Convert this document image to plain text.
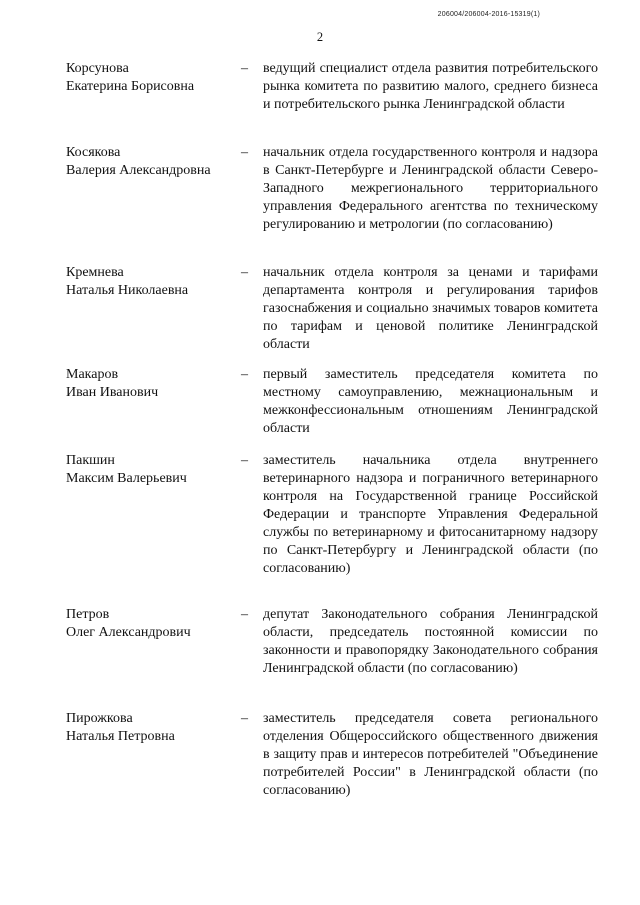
206004/206004-2016-15319(1)
2
Корсунова
Екатерина Борисовна
– ведущий специалист отдела развития потребительского рынка комитета по развитию малого, среднего бизнеса и потребительского рынка Ленинградской области
Косякова
Валерия Александровна
– начальник отдела государственного контроля и надзора в Санкт-Петербурге и Ленинградской области Северо-Западного межрегионального территориального управления Федерального агентства по техническому регулированию и метрологии (по согласованию)
Кремнева
Наталья Николаевна
– начальник отдела контроля за ценами и тарифами департамента контроля и регулирования тарифов газоснабжения и социально значимых товаров комитета по тарифам и ценовой политике Ленинградской области
Макаров
Иван Иванович
– первый заместитель председателя комитета по местному самоуправлению, межнациональным и межконфессиональным отношениям Ленинградской области
Пакшин
Максим Валерьевич
– заместитель начальника отдела внутреннего ветеринарного надзора и пограничного ветеринарного контроля на Государственной границе Российской Федерации и транспорте Управления Федеральной службы по ветеринарному и фитосанитарному надзору по Санкт-Петербургу и Ленинградской области (по согласованию)
Петров
Олег Александрович
– депутат Законодательного собрания Ленинградской области, председатель постоянной комиссии по законности и правопорядку Законодательного собрания Ленинградской области (по согласованию)
Пирожкова
Наталья Петровна
– заместитель председателя совета регионального отделения Общероссийского общественного движения в защиту прав и интересов потребителей "Объединение потребителей России" в Ленинградской области (по согласованию)
